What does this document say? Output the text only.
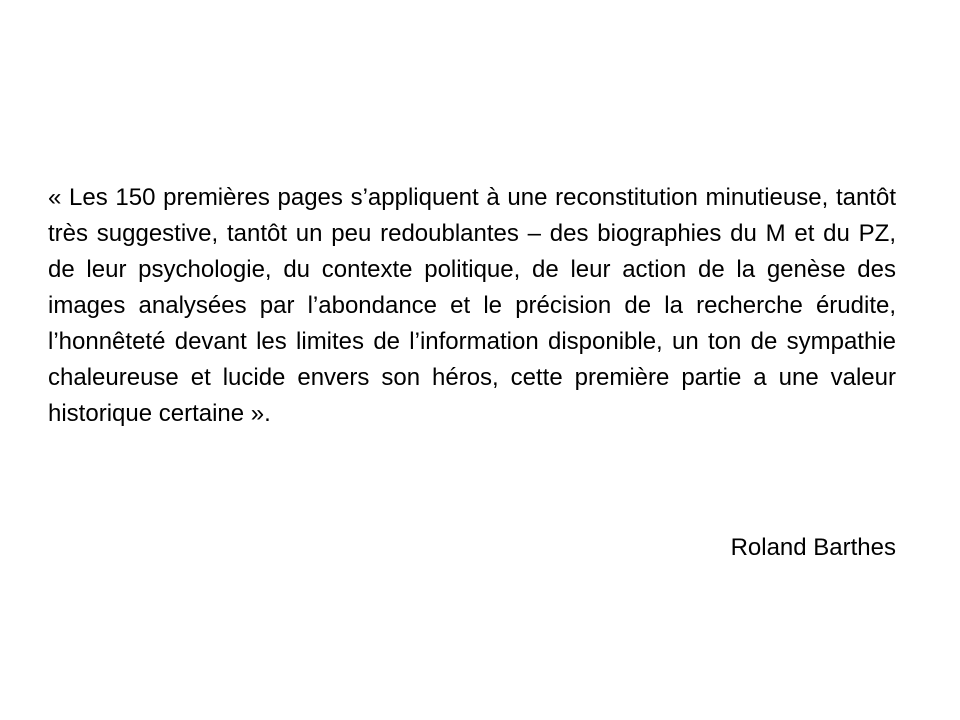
« Les 150 premières pages s’appliquent à une reconstitution minutieuse, tantôt très suggestive, tantôt un peu redoublantes – des biographies du M et du PZ, de leur psychologie, du contexte politique, de leur action de la genèse des images analysées par l’abondance et le précision de la recherche érudite, l’honnêteté devant les limites de l’information disponible, un ton de sympathie chaleureuse et lucide envers son héros, cette première partie a une valeur historique certaine ».

Roland Barthes
